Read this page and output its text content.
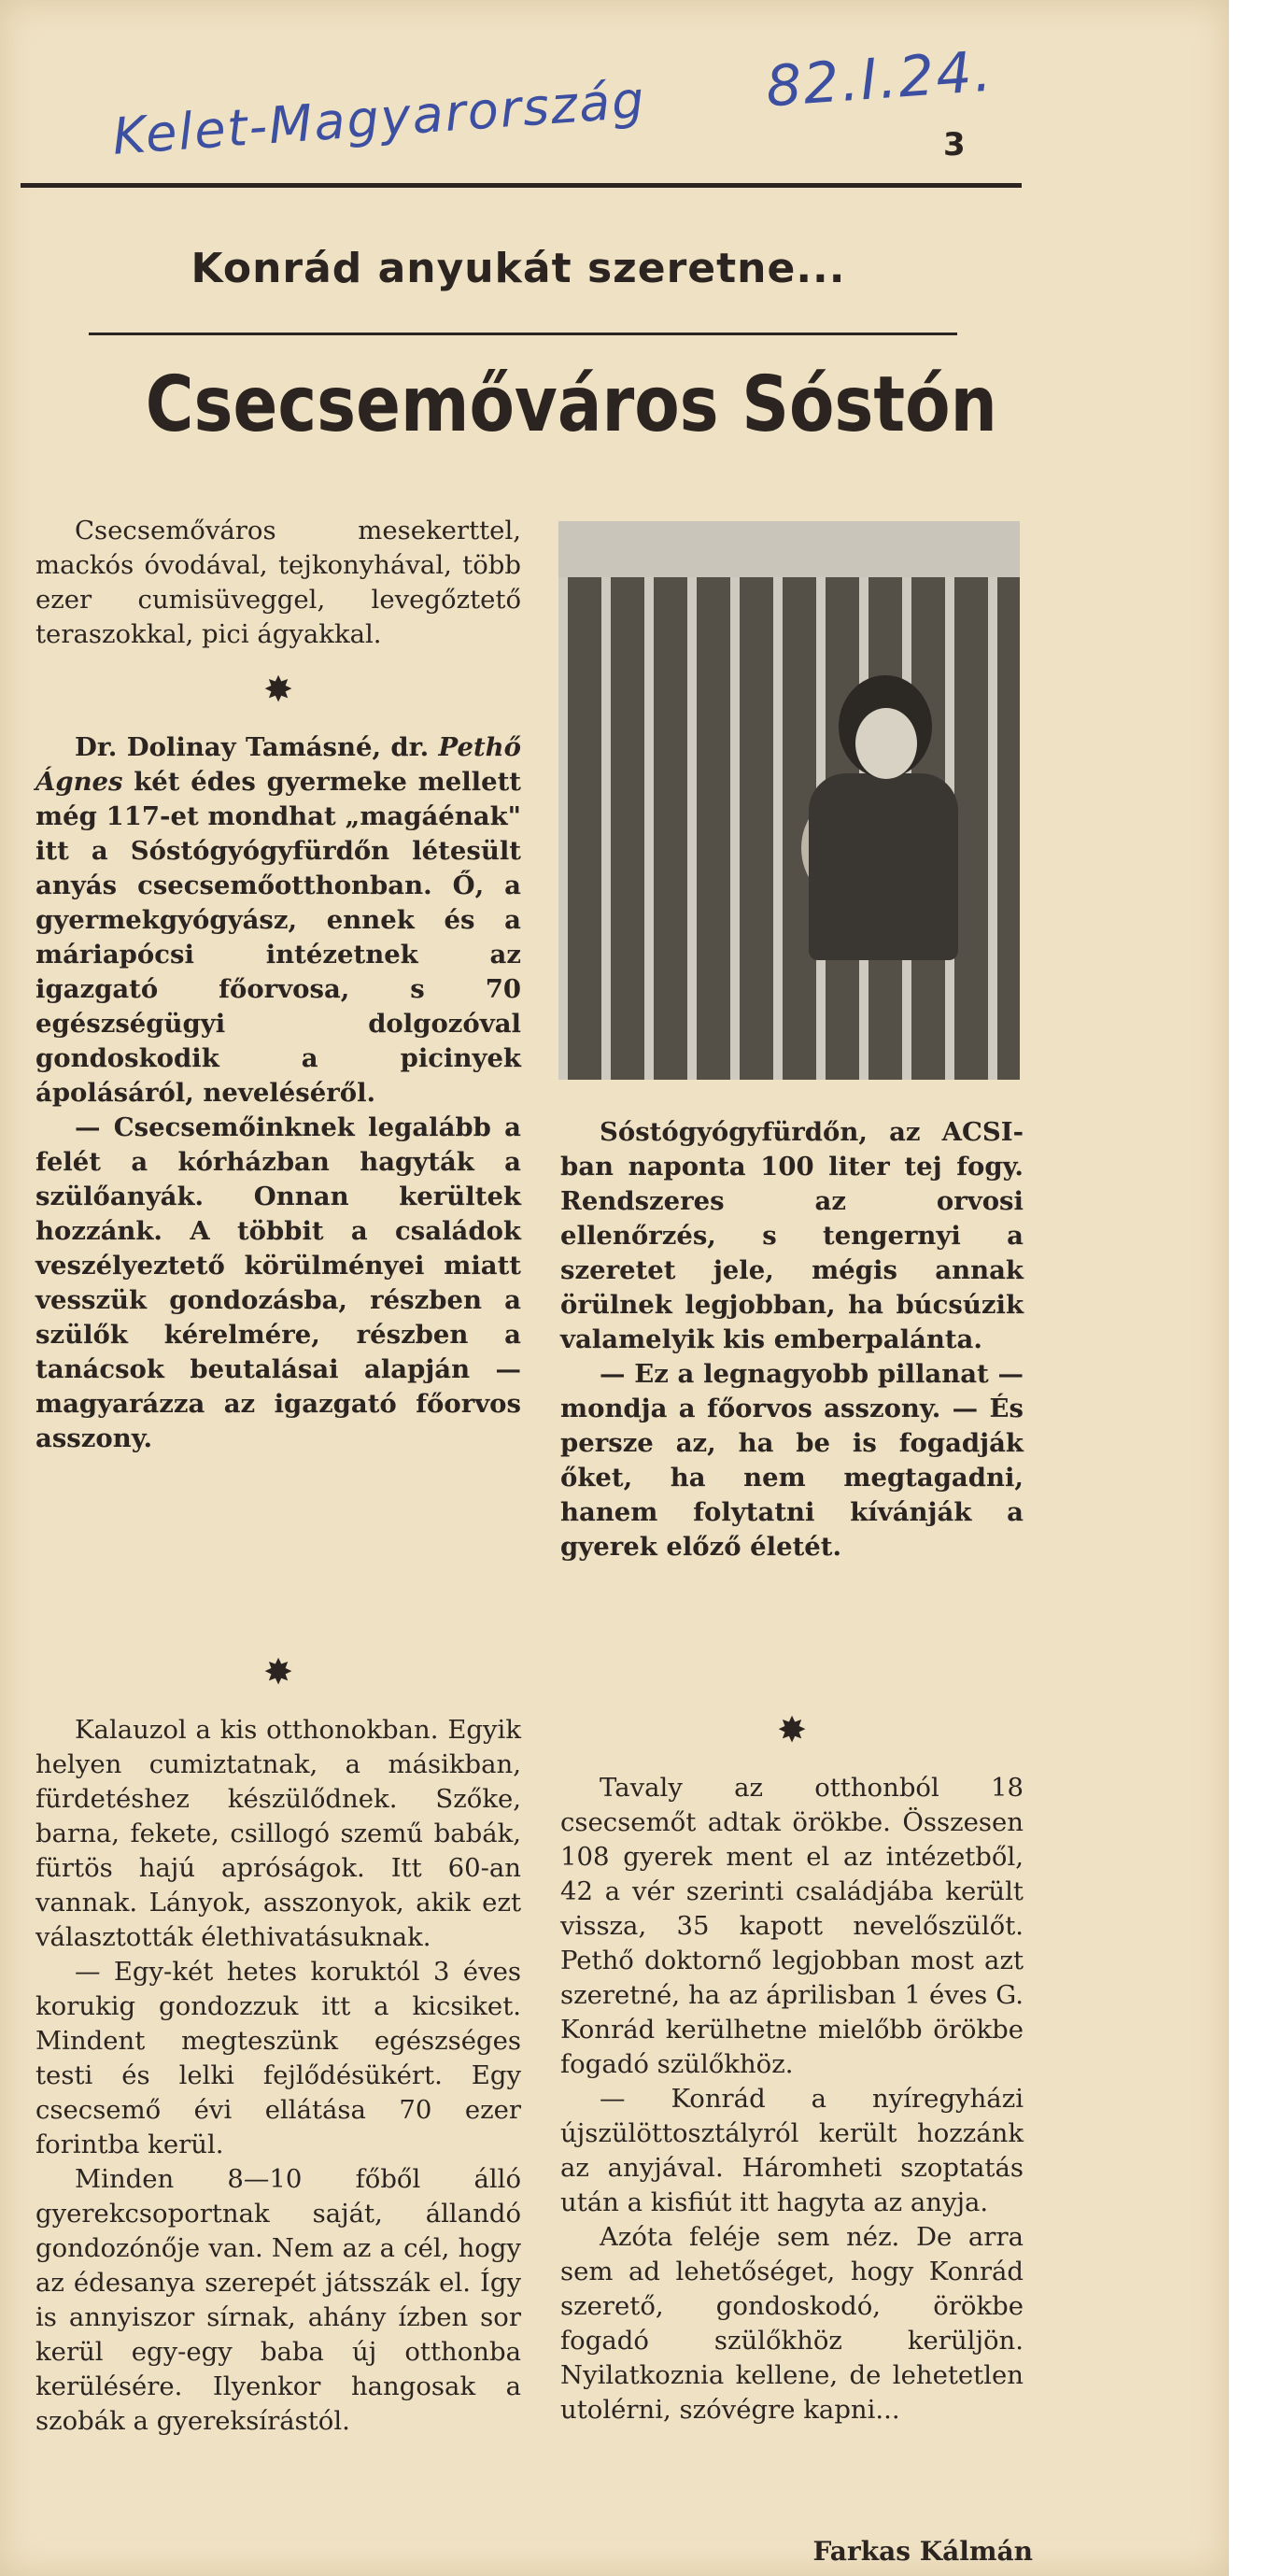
Kelet-Magyarország 82.I.24.
3
Konrád anyukát szeretne...
Csecsemőváros Sóstón

Csecsemőváros mesekerttel, mackós óvodával, tejkonyhával, több ezer cumisüveggel, levegőztető teraszokkal, pici ágyakkal.

✸

Dr. Dolinay Tamásné, dr. Pethő Ágnes két édes gyermeke mellett még 117-et mondhat „magáénak" itt a Sóstógyógyfürdőn létesült anyás csecsemőotthonban. Ő, a gyermekgyógyász, ennek és a máriapócsi intézetnek az igazgató főorvosa, s 70 egészségügyi dolgozóval gondoskodik a picinyek ápolásáról, neveléséről.

— Csecsemőinknek legalább a felét a kórházban hagyták a szülőanyák. Onnan kerültek hozzánk. A többit a családok veszélyeztető körülményei miatt vesszük gondozásba, részben a szülők kérelmére, részben a tanácsok beutalásai alapján — magyarázza az igazgató főorvos asszony.

Sóstógyógyfürdőn, az ACSI-ban naponta 100 liter tej fogy. Rendszeres az orvosi ellenőrzés, s tengernyi a szeretet jele, mégis annak örülnek legjobban, ha búcsúzik valamelyik kis emberpalánta.

— Ez a legnagyobb pillanat — mondja a főorvos asszony. — És persze az, ha be is fogadják őket, ha nem megtagadni, hanem folytatni kívánják a gyerek előző életét.

✸

Kalauzol a kis otthonokban. Egyik helyen cumiztatnak, a másikban, fürdetéshez készülődnek. Szőke, barna, fekete, csillogó szemű babák, fürtös hajú apróságok. Itt 60-an vannak. Lányok, asszonyok, akik ezt választották élethivatásuknak.

— Egy-két hetes koruktól 3 éves korukig gondozzuk itt a kicsiket. Mindent megteszünk egészséges testi és lelki fejlődésükért. Egy csecsemő évi ellátása 70 ezer forintba kerül.

Minden 8—10 főből álló gyerekcsoportnak saját, állandó gondozónője van. Nem az a cél, hogy az édesanya szerepét játsszák el. Így is annyiszor sírnak, ahány ízben sor kerül egy-egy baba új otthonba kerülésére. Ilyenkor hangosak a szobák a gyereksírástól.

✸

Tavaly az otthonból 18 csecsemőt adtak örökbe. Összesen 108 gyerek ment el az intézetből, 42 a vér szerinti családjába került vissza, 35 kapott nevelőszülőt. Pethő doktornő legjobban most azt szeretné, ha az áprilisban 1 éves G. Konrád kerülhetne mielőbb örökbe fogadó szülőkhöz.

— Konrád a nyíregyházi újszülöttosztályról került hozzánk az anyjával. Háromheti szoptatás után a kisfiút itt hagyta az anyja.

Azóta feléje sem néz. De arra sem ad lehetőséget, hogy Konrád szerető, gondoskodó, örökbe fogadó szülőkhöz kerüljön. Nyilatkoznia kellene, de lehetetlen utolérni, szóvégre kapni...

Farkas Kálmán
